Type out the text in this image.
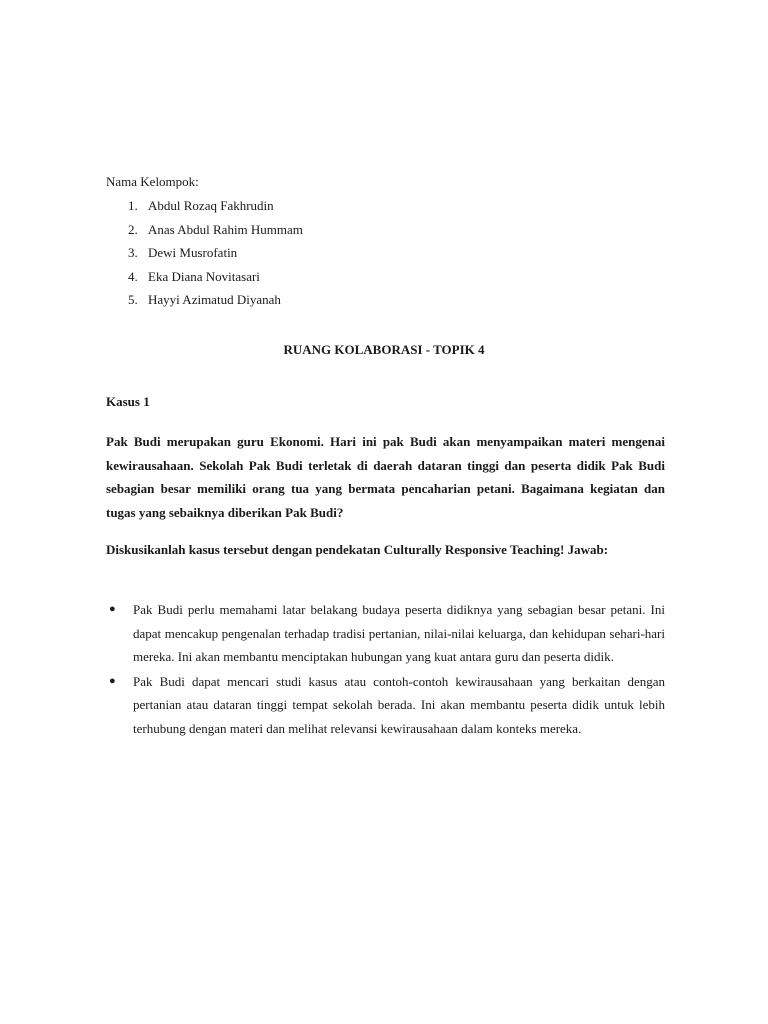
Nama Kelompok:
1. Abdul Rozaq Fakhrudin
2. Anas Abdul Rahim Hummam
3. Dewi Musrofatin
4. Eka Diana Novitasari
5. Hayyi Azimatud Diyanah
RUANG KOLABORASI - TOPIK 4
Kasus 1

Pak Budi merupakan guru Ekonomi. Hari ini pak Budi akan menyampaikan materi mengenai kewirausahaan. Sekolah Pak Budi terletak di daerah dataran tinggi dan peserta didik Pak Budi sebagian besar memiliki orang tua yang bermata pencaharian petani. Bagaimana kegiatan dan tugas yang sebaiknya diberikan Pak Budi?

Diskusikanlah kasus tersebut dengan pendekatan Culturally Responsive Teaching! Jawab:

●	Pak Budi perlu memahami latar belakang budaya peserta didiknya yang sebagian besar petani. Ini dapat mencakup pengenalan terhadap tradisi pertanian, nilai-nilai keluarga, dan kehidupan sehari-hari mereka. Ini akan membantu menciptakan hubungan yang kuat antara guru dan peserta didik.
●	Pak Budi dapat mencari studi kasus atau contoh-contoh kewirausahaan yang berkaitan dengan pertanian atau dataran tinggi tempat sekolah berada. Ini akan membantu peserta didik untuk lebih terhubung dengan materi dan melihat relevansi kewirausahaan dalam konteks mereka.
